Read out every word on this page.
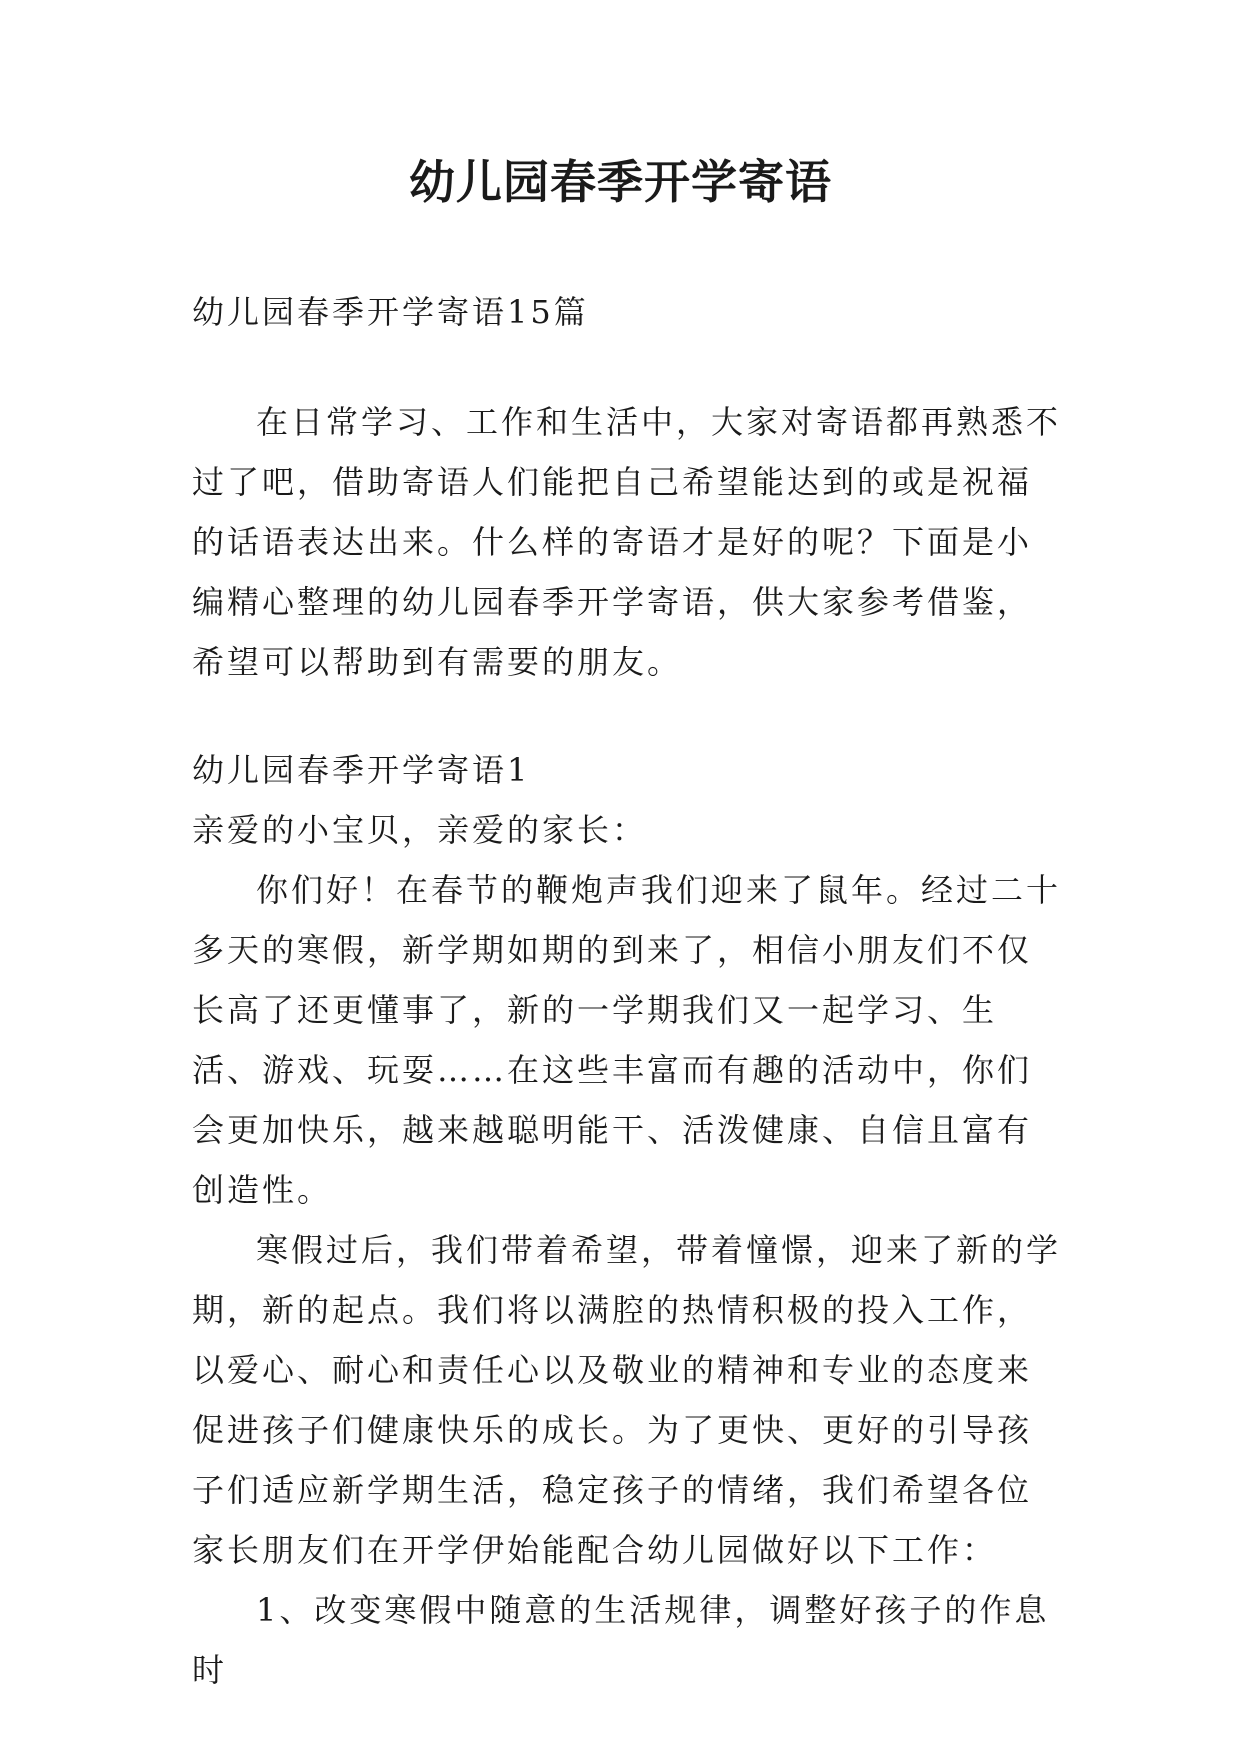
幼儿园春季开学寄语

幼儿园春季开学寄语15篇

在日常学习、工作和生活中，大家对寄语都再熟悉不过了吧，借助寄语人们能把自己希望能达到的或是祝福的话语表达出来。什么样的寄语才是好的呢？下面是小编精心整理的幼儿园春季开学寄语，供大家参考借鉴，希望可以帮助到有需要的朋友。

幼儿园春季开学寄语1

亲爱的小宝贝，亲爱的家长：

你们好！在春节的鞭炮声我们迎来了鼠年。经过二十多天的寒假，新学期如期的到来了，相信小朋友们不仅长高了还更懂事了，新的一学期我们又一起学习、生活、游戏、玩耍……在这些丰富而有趣的活动中，你们会更加快乐，越来越聪明能干、活泼健康、自信且富有创造性。

寒假过后，我们带着希望，带着憧憬，迎来了新的学期，新的起点。我们将以满腔的热情积极的投入工作，以爱心、耐心和责任心以及敬业的精神和专业的态度来促进孩子们健康快乐的成长。为了更快、更好的引导孩子们适应新学期生活，稳定孩子的情绪，我们希望各位家长朋友们在开学伊始能配合幼儿园做好以下工作：

1、改变寒假中随意的生活规律，调整好孩子的作息时
